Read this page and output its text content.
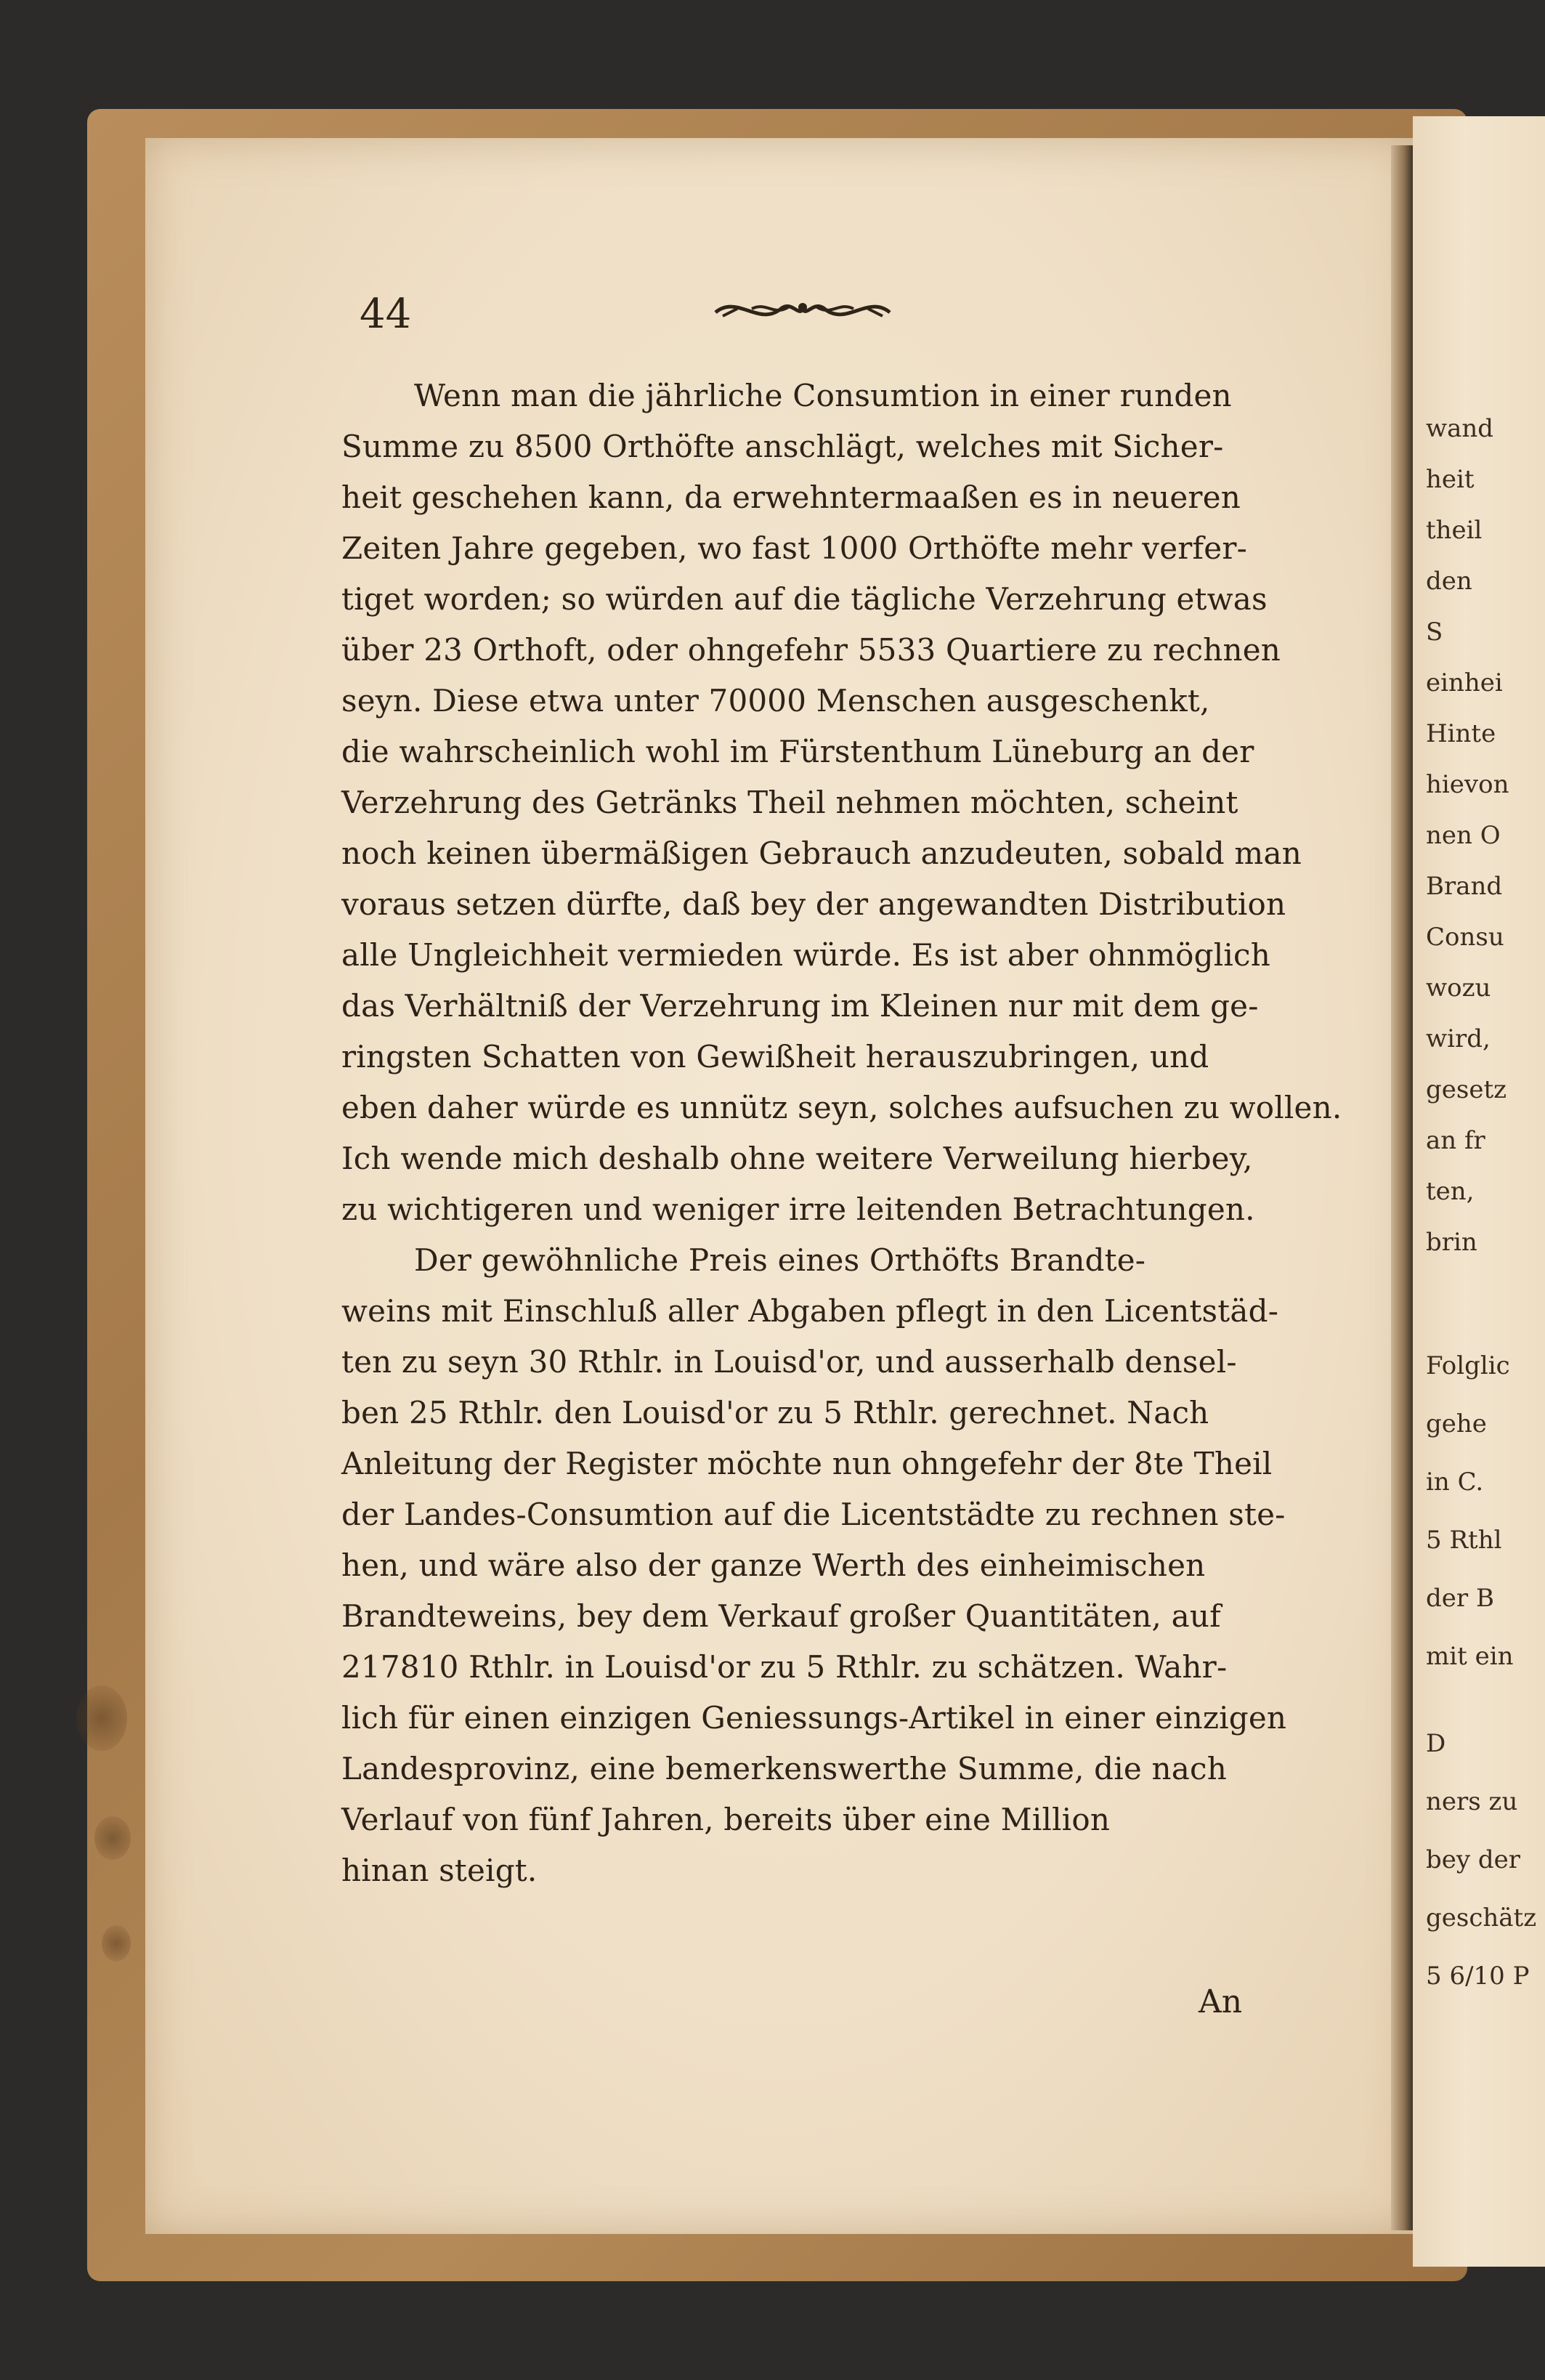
wand
heit
theil
den
S
einhei
Hinte
hievon
nen O
Brand
Consu
wozu
wird,
gesetz
an fr
ten,
brin
Folglic
gehe
in C.
5 Rthl
der B
mit ein
D
ners zu
bey der
geschätz
5 6/10 P
44
Wenn man die jährliche Consumtion in einer runden
Summe zu 8500 Orthöfte anschlägt, welches mit Sicher-
heit geschehen kann, da erwehntermaaßen es in neueren
Zeiten Jahre gegeben, wo fast 1000 Orthöfte mehr verfer-
tiget worden; so würden auf die tägliche Verzehrung etwas
über 23 Orthoft, oder ohngefehr 5533 Quartiere zu rechnen
seyn. Diese etwa unter 70000 Menschen ausgeschenkt,
die wahrscheinlich wohl im Fürstenthum Lüneburg an der
Verzehrung des Getränks Theil nehmen möchten, scheint
noch keinen übermäßigen Gebrauch anzudeuten, sobald man
voraus setzen dürfte, daß bey der angewandten Distribution
alle Ungleichheit vermieden würde. Es ist aber ohnmöglich
das Verhältniß der Verzehrung im Kleinen nur mit dem ge-
ringsten Schatten von Gewißheit herauszubringen, und
eben daher würde es unnütz seyn, solches aufsuchen zu wollen.
Ich wende mich deshalb ohne weitere Verweilung hierbey,
zu wichtigeren und weniger irre leitenden Betrachtungen.
Der gewöhnliche Preis eines Orthöfts Brandte-
weins mit Einschluß aller Abgaben pflegt in den Licentstäd-
ten zu seyn 30 Rthlr. in Louisd'or, und ausserhalb densel-
ben 25 Rthlr. den Louisd'or zu 5 Rthlr. gerechnet. Nach
Anleitung der Register möchte nun ohngefehr der 8te Theil
der Landes-Consumtion auf die Licentstädte zu rechnen ste-
hen, und wäre also der ganze Werth des einheimischen
Brandteweins, bey dem Verkauf großer Quantitäten, auf
217810 Rthlr. in Louisd'or zu 5 Rthlr. zu schätzen. Wahr-
lich für einen einzigen Geniessungs-Artikel in einer einzigen
Landesprovinz, eine bemerkenswerthe Summe, die nach
Verlauf von fünf Jahren, bereits über eine Million
hinan steigt.
An
